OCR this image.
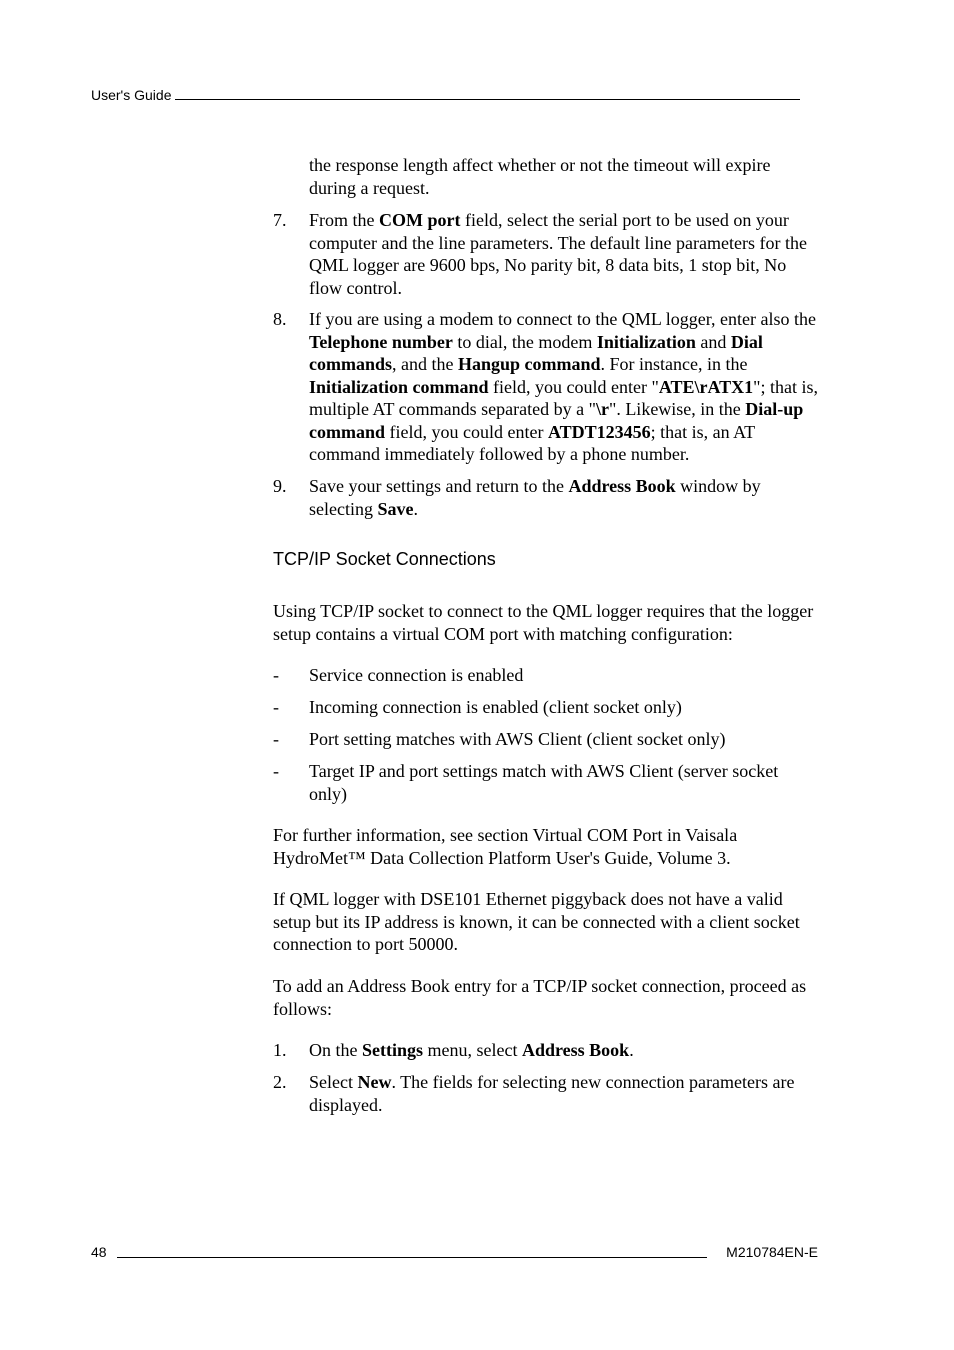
User's Guide
the response length affect whether or not the timeout will expire during a request.
7. From the COM port field, select the serial port to be used on your computer and the line parameters. The default line parameters for the QML logger are 9600 bps, No parity bit, 8 data bits, 1 stop bit, No flow control.
8. If you are using a modem to connect to the QML logger, enter also the Telephone number to dial, the modem Initialization and Dial commands, and the Hangup command. For instance, in the Initialization command field, you could enter "ATE\rATX1"; that is, multiple AT commands separated by a "\r". Likewise, in the Dial-up command field, you could enter ATDT123456; that is, an AT command immediately followed by a phone number.
9. Save your settings and return to the Address Book window by selecting Save.
TCP/IP Socket Connections
Using TCP/IP socket to connect to the QML logger requires that the logger setup contains a virtual COM port with matching configuration:
- Service connection is enabled
- Incoming connection is enabled (client socket only)
- Port setting matches with AWS Client (client socket only)
- Target IP and port settings match with AWS Client (server socket only)
For further information, see section Virtual COM Port in Vaisala HydroMet™ Data Collection Platform User's Guide, Volume 3.
If QML logger with DSE101 Ethernet piggyback does not have a valid setup but its IP address is known, it can be connected with a client socket connection to port 50000.
To add an Address Book entry for a TCP/IP socket connection, proceed as follows:
1. On the Settings menu, select Address Book.
2. Select New. The fields for selecting new connection parameters are displayed.
48	M210784EN-E
